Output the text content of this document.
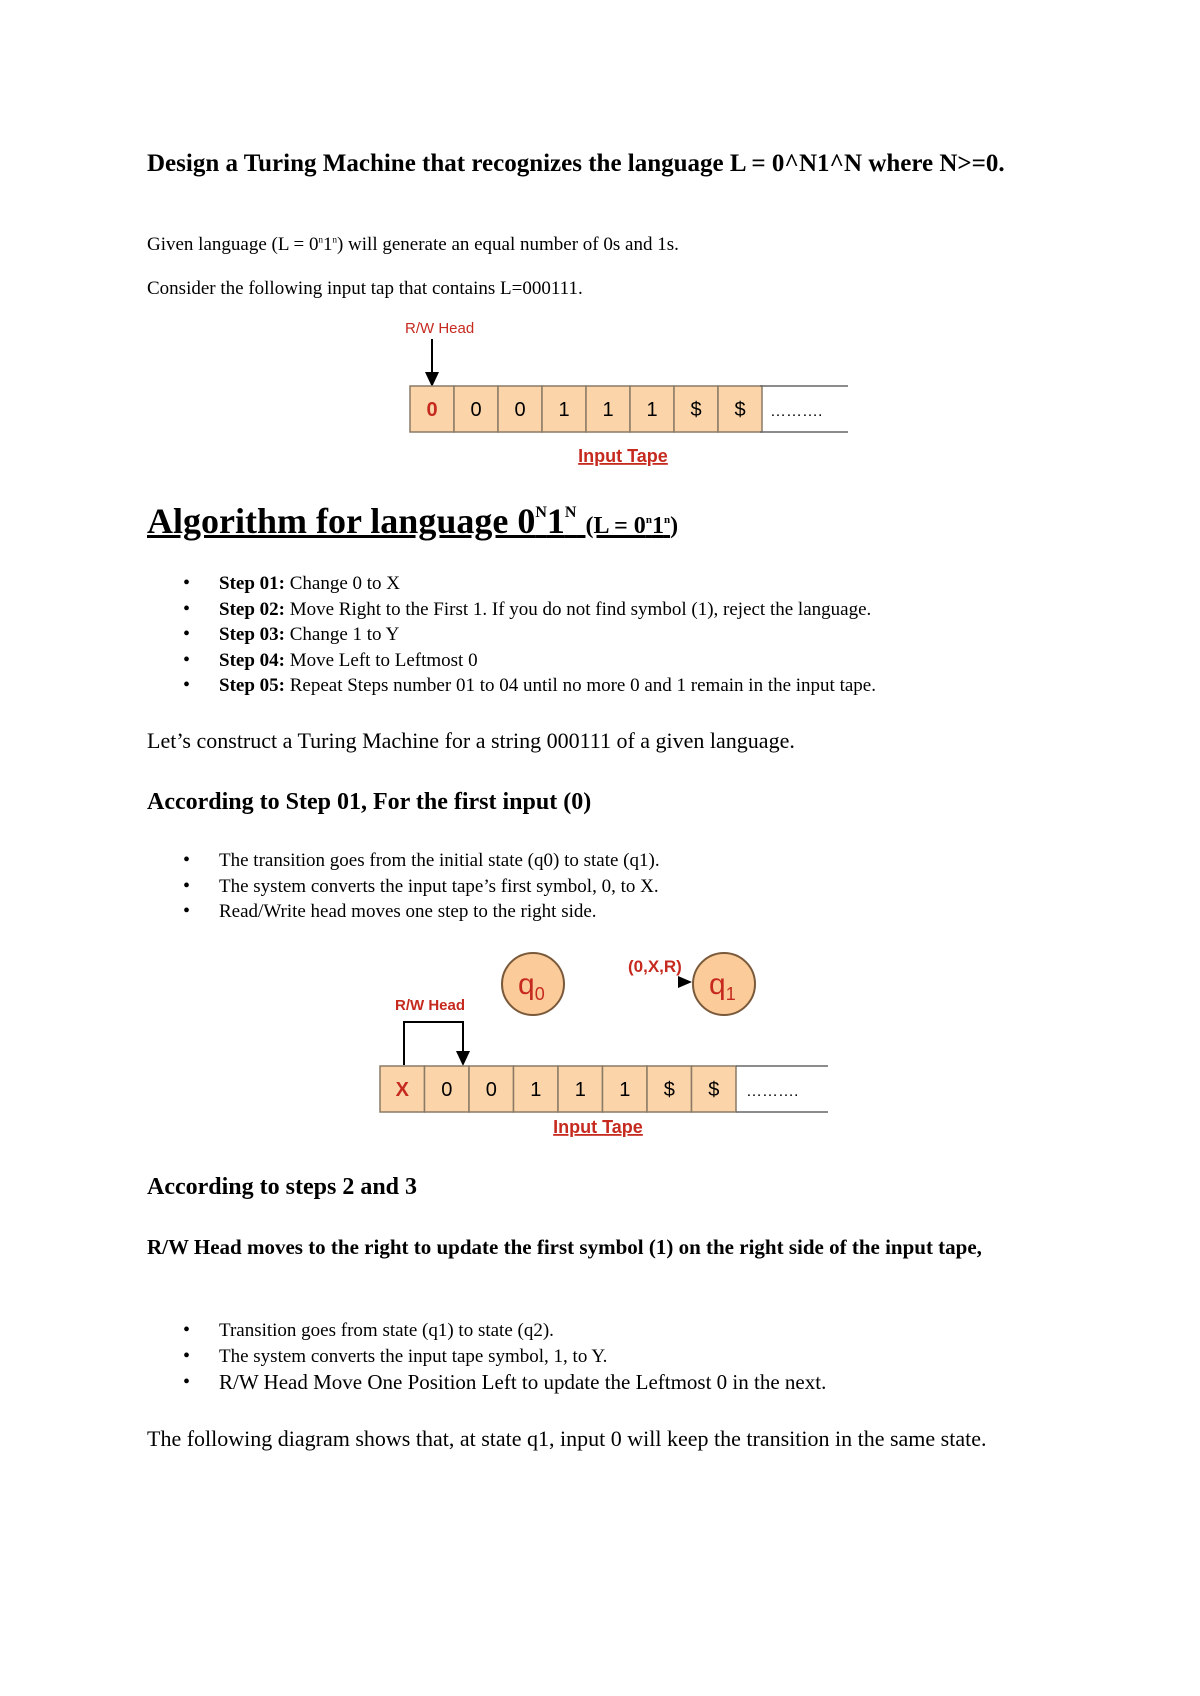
Design a Turing Machine that recognizes the language L = 0^N1^N where N>=0.

Given language $(L = 0^n1^n)$ will generate an equal number of 0s and 1s.

Consider the following input tap that contains L=000111.

R/W Head
0 0 0 1 1 1 $ $ ……….
Input Tape
Algorithm for language $0^N1^N$ $(L = 0^n1^n)$
• Step 01: Change 0 to X
• Step 02: Move Right to the First 1. If you do not find symbol (1), reject the language.
• Step 03: Change 1 to Y
• Step 04: Move Left to Leftmost 0
• Step 05: Repeat Steps number 01 to 04 until no more 0 and 1 remain in the input tape.

Let’s construct a Turing Machine for a string 000111 of a given language.

According to Step 01, For the first input (0)

• The transition goes from the initial state (q0) to state (q1).
• The system converts the input tape’s first symbol, 0, to X.
• Read/Write head moves one step to the right side.
$q_0$
(0,X,R)
$q_1$
R/W Head
X 0 0 1 1 1 $ $ ……….
Input Tape

According to steps 2 and 3

R/W Head moves to the right to update the first symbol (1) on the right side of the input tape,

• Transition goes from state (q1) to state (q2).
• The system converts the input tape symbol, 1, to Y.
• R/W Head Move One Position Left to update the Leftmost 0 in the next.

The following diagram shows that, at state q1, input 0 will keep the transition in the same state.
